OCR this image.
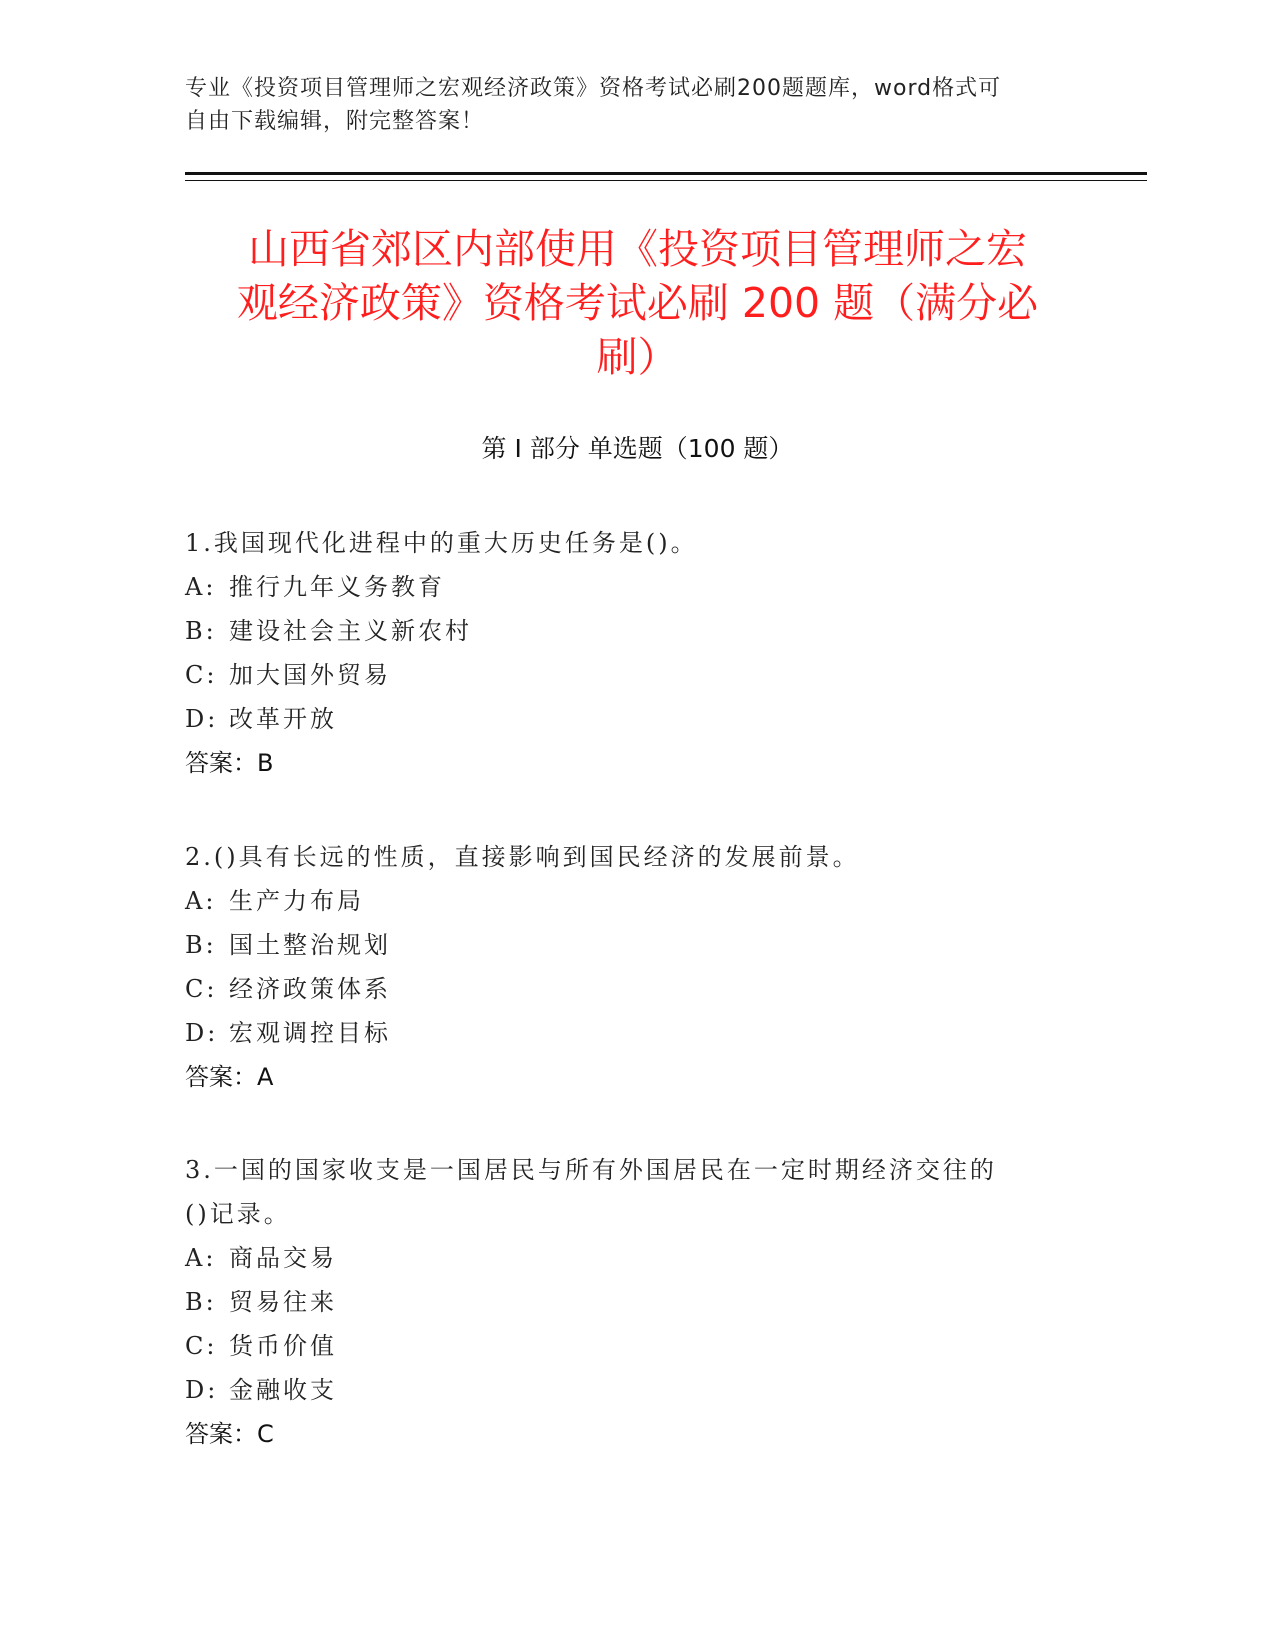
专业《投资项目管理师之宏观经济政策》资格考试必刷200题题库，word格式可
自由下载编辑，附完整答案！
山西省郊区内部使用《投资项目管理师之宏
观经济政策》资格考试必刷 200 题（满分必
刷）
第 I 部分 单选题（100 题）
1.我国现代化进程中的重大历史任务是()。
A: 推行九年义务教育
B: 建设社会主义新农村
C: 加大国外贸易
D: 改革开放
答案：B
2.()具有长远的性质，直接影响到国民经济的发展前景。
A: 生产力布局
B: 国土整治规划
C: 经济政策体系
D: 宏观调控目标
答案：A
3.一国的国家收支是一国居民与所有外国居民在一定时期经济交往的
()记录。
A: 商品交易
B: 贸易往来
C: 货币价值
D: 金融收支
答案：C
